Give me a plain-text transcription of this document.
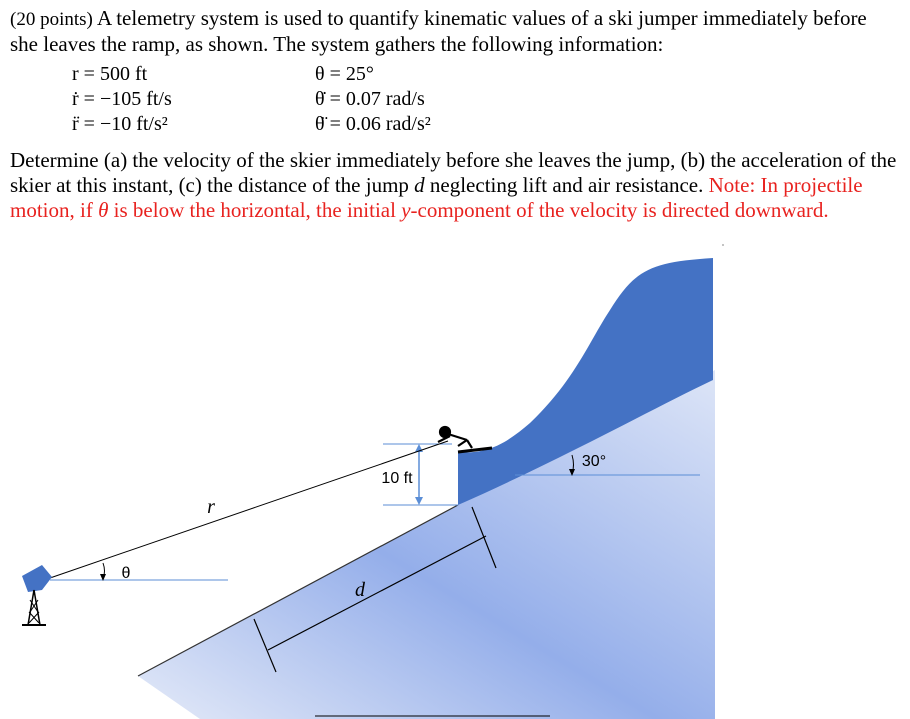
(20 points) A telemetry system is used to quantify kinematic values of a ski jumper immediately before
she leaves the ramp, as shown. The system gathers the following information:
r = 500 ft
ṙ = −105 ft/s
r̈ = −10 ft/s²
θ = 25°
θ̇ = 0.07 rad/s
θ̈ = 0.06 rad/s²
Determine (a) the velocity of the skier immediately before she leaves the jump, (b) the acceleration of the
skier at this instant, (c) the distance of the jump d neglecting lift and air resistance. Note: In projectile
motion, if θ is below the horizontal, the initial y-component of the velocity is directed downward.
10 ft
r
θ
30°
d
